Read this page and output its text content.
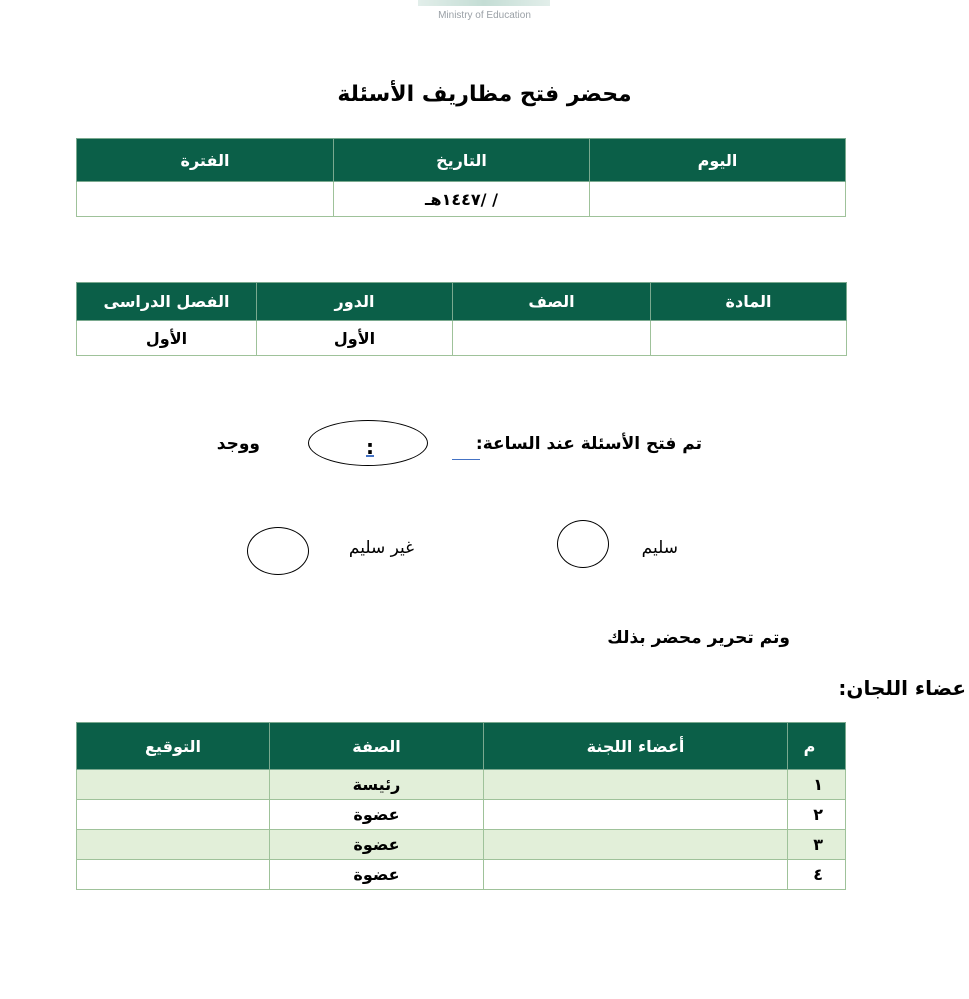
Ministry of Education
محضر فتح مظاريف الأسئلة
اليوم	التاريخ	الفترة
	/ /١٤٤٧هـ	
المادة	الصف	الدور	الفصل الدراسى
		الأول	الأول
تم فتح الأسئلة عند الساعة:
:
ووجد
سليم
غير سليم
وتم تحرير محضر بذلك
عضاء اللجان:
م	أعضاء اللجنة	الصفة	التوقيع
١		رئيسة	
٢		عضوة	
٣		عضوة	
٤		عضوة	
